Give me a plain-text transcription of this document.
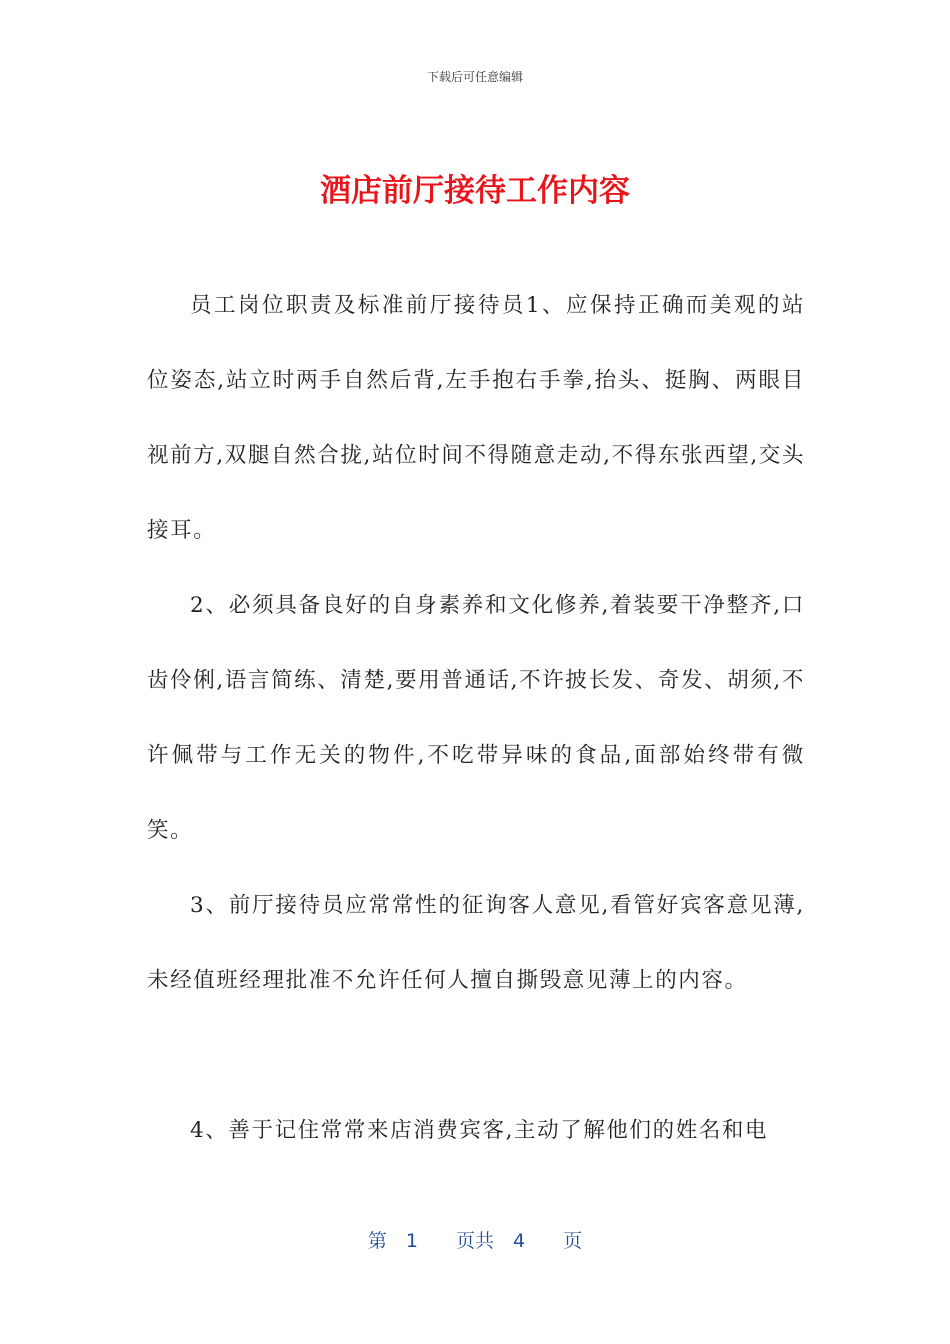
下载后可任意编辑
酒店前厅接待工作内容

员工岗位职责及标准前厅接待员1、应保持正确而美观的站位姿态,站立时两手自然后背,左手抱右手拳,抬头、挺胸、两眼目视前方,双腿自然合拢,站位时间不得随意走动,不得东张西望,交头接耳。

2、必须具备良好的自身素养和文化修养,着装要干净整齐,口齿伶俐,语言简练、清楚,要用普通话,不许披长发、奇发、胡须,不许佩带与工作无关的物件,不吃带异味的食品,面部始终带有微笑。

3、前厅接待员应常常性的征询客人意见,看管好宾客意见薄,未经值班经理批准不允许任何人擅自撕毁意见薄上的内容。

4、善于记住常常来店消费宾客,主动了解他们的姓名和电

第　1　　页共　4　　页
